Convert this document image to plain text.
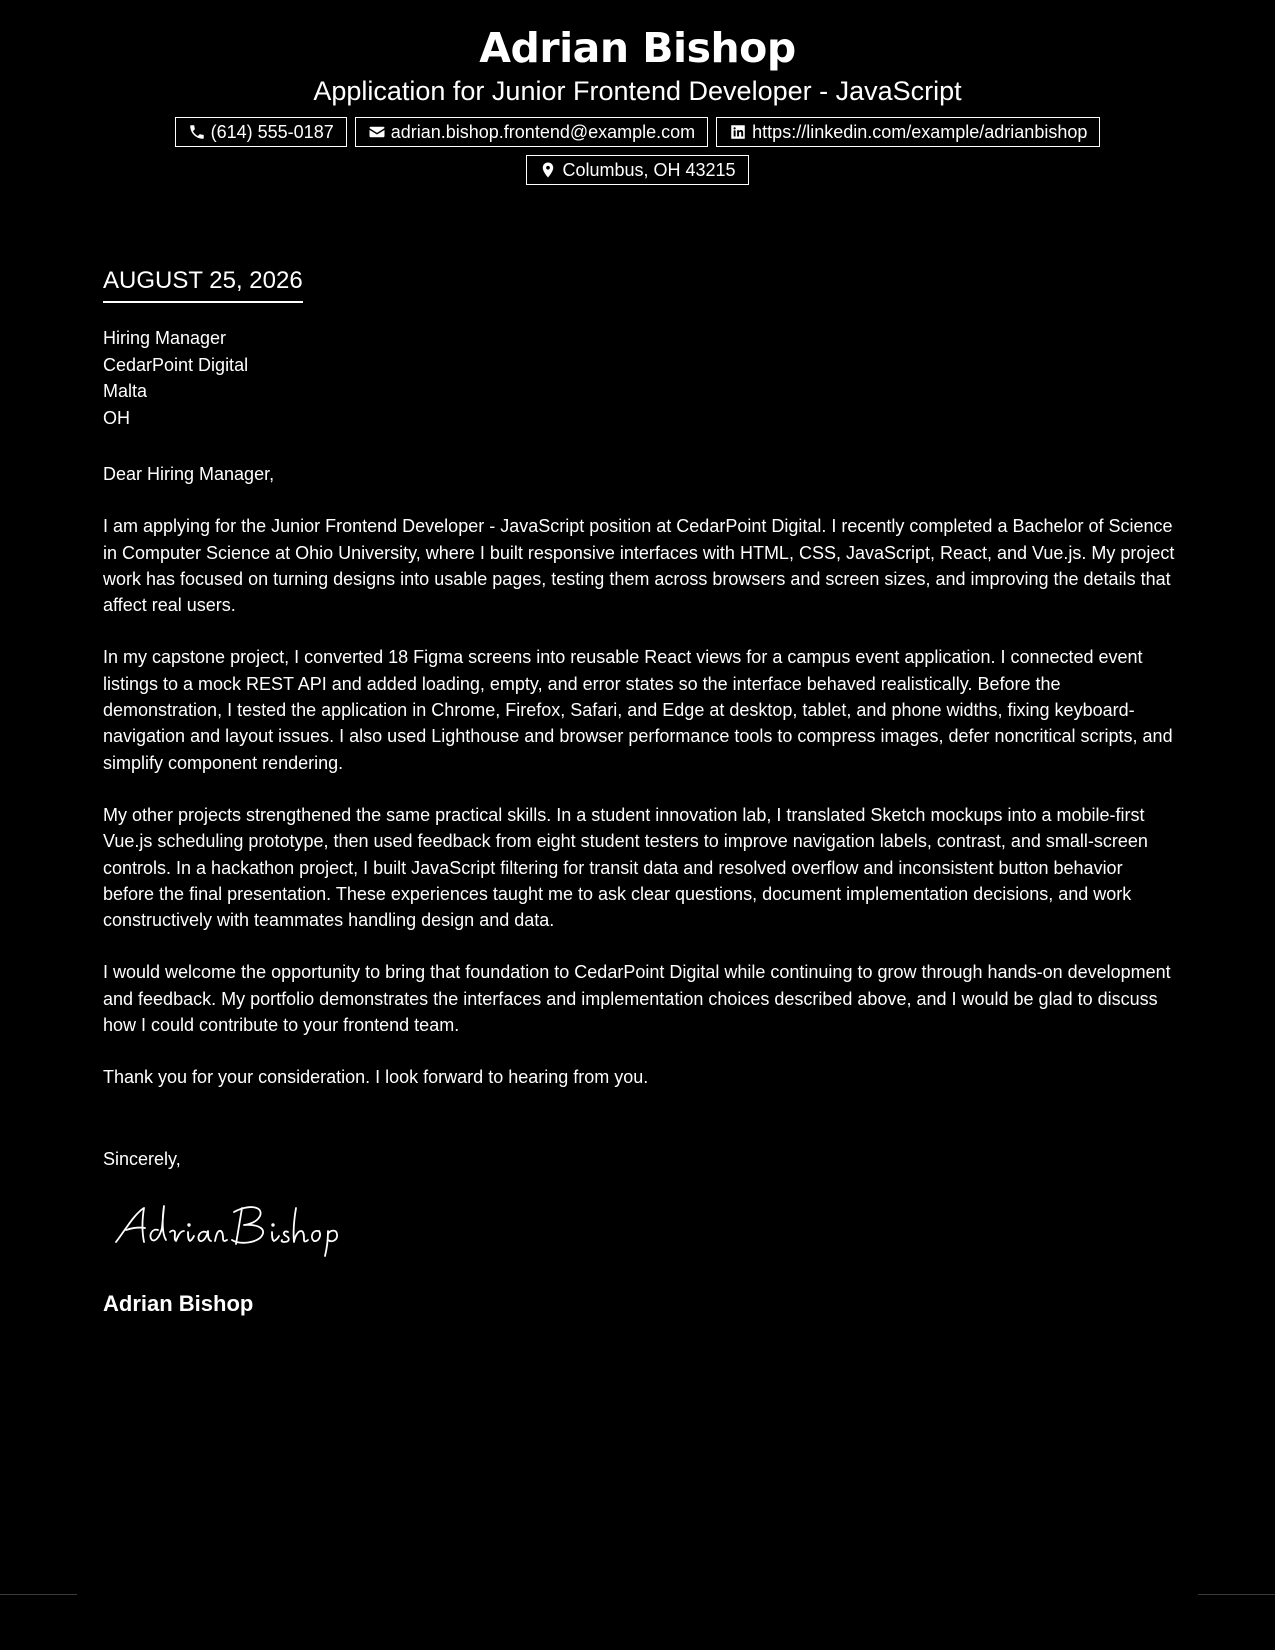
Adrian Bishop
Application for Junior Frontend Developer - JavaScript
(614) 555-0187	adrian.bishop.frontend@example.com	https://linkedin.com/example/adrianbishop
Columbus, OH 43215
AUGUST 25, 2026
Hiring Manager
CedarPoint Digital
Malta
OH

Dear Hiring Manager,

I am applying for the Junior Frontend Developer - JavaScript position at CedarPoint Digital. I recently completed a Bachelor of Science in Computer Science at Ohio University, where I built responsive interfaces with HTML, CSS, JavaScript, React, and Vue.js. My project work has focused on turning designs into usable pages, testing them across browsers and screen sizes, and improving the details that affect real users.

In my capstone project, I converted 18 Figma screens into reusable React views for a campus event application. I connected event listings to a mock REST API and added loading, empty, and error states so the interface behaved realistically. Before the demonstration, I tested the application in Chrome, Firefox, Safari, and Edge at desktop, tablet, and phone widths, fixing keyboard-navigation and layout issues. I also used Lighthouse and browser performance tools to compress images, defer noncritical scripts, and simplify component rendering.

My other projects strengthened the same practical skills. In a student innovation lab, I translated Sketch mockups into a mobile-first Vue.js scheduling prototype, then used feedback from eight student testers to improve navigation labels, contrast, and small-screen controls. In a hackathon project, I built JavaScript filtering for transit data and resolved overflow and inconsistent button behavior before the final presentation. These experiences taught me to ask clear questions, document implementation decisions, and work constructively with teammates handling design and data.

I would welcome the opportunity to bring that foundation to CedarPoint Digital while continuing to grow through hands-on development and feedback. My portfolio demonstrates the interfaces and implementation choices described above, and I would be glad to discuss how I could contribute to your frontend team.

Thank you for your consideration. I look forward to hearing from you.

Sincerely,
Adrian Bishop
